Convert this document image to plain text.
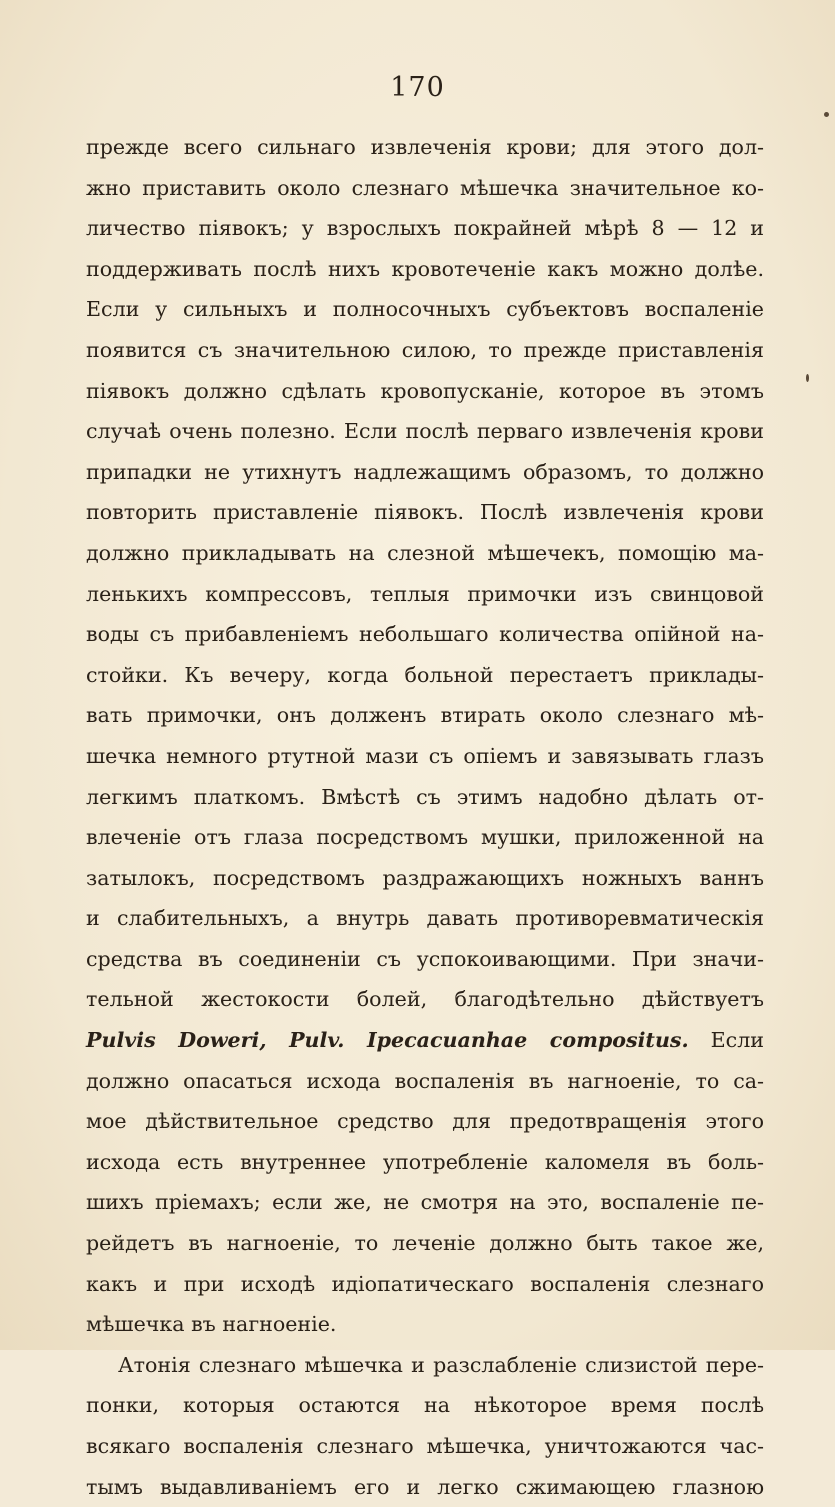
170
прежде всего сильнаго извлеченія крови; для этого дол-
жно приставить около слезнаго мѣшечка значительное ко-
личество піявокъ; у взрослыхъ покрайней мѣрѣ 8 — 12 и
поддерживать послѣ нихъ кровотеченіе какъ можно долѣе.
Если у сильныхъ и полносочныхъ субъектовъ воспаленіе
появится съ значительною силою, то прежде приставленія
піявокъ должно сдѣлать кровопусканіе, которое въ этомъ
случаѣ очень полезно. Если послѣ перваго извлеченія крови
припадки не утихнутъ надлежащимъ образомъ, то должно
повторить приставленіе піявокъ. Послѣ извлеченія крови
должно прикладывать на слезной мѣшечекъ, помощію ма-
ленькихъ компрессовъ, теплыя примочки изъ свинцовой
воды съ прибавленіемъ небольшаго количества опійной на-
стойки. Къ вечеру, когда больной перестаетъ приклады-
вать примочки, онъ долженъ втирать около слезнаго мѣ-
шечка немного ртутной мази съ опіемъ и завязывать глазъ
легкимъ платкомъ. Вмѣстѣ съ этимъ надобно дѣлать от-
влеченіе отъ глаза посредствомъ мушки, приложенной на
затылокъ, посредствомъ раздражающихъ ножныхъ ваннъ
и слабительныхъ, а внутрь давать противоревматическія
средства въ соединеніи съ успокоивающими. При значи-
тельной жестокости болей, благодѣтельно дѣйствуетъ
Pulvis Doweri, Pulv. Ipecacuanhae compositus. Если
должно опасаться исхода воспаленія въ нагноеніе, то са-
мое дѣйствительное средство для предотвращенія этого
исхода есть внутреннее употребленіе каломеля въ боль-
шихъ пріемахъ; если же, не смотря на это, воспаленіе пе-
рейдетъ въ нагноеніе, то леченіе должно быть такое же,
какъ и при исходѣ идіопатическаго воспаленія слезнаго
мѣшечка въ нагноеніе.
Атонія слезнаго мѣшечка и разслабленіе слизистой пере-
понки, которыя остаются на нѣкоторое время послѣ
всякаго воспаленія слезнаго мѣшечка, уничтожаются час-
тымъ выдавливаніемъ его и легко сжимающею глазною
